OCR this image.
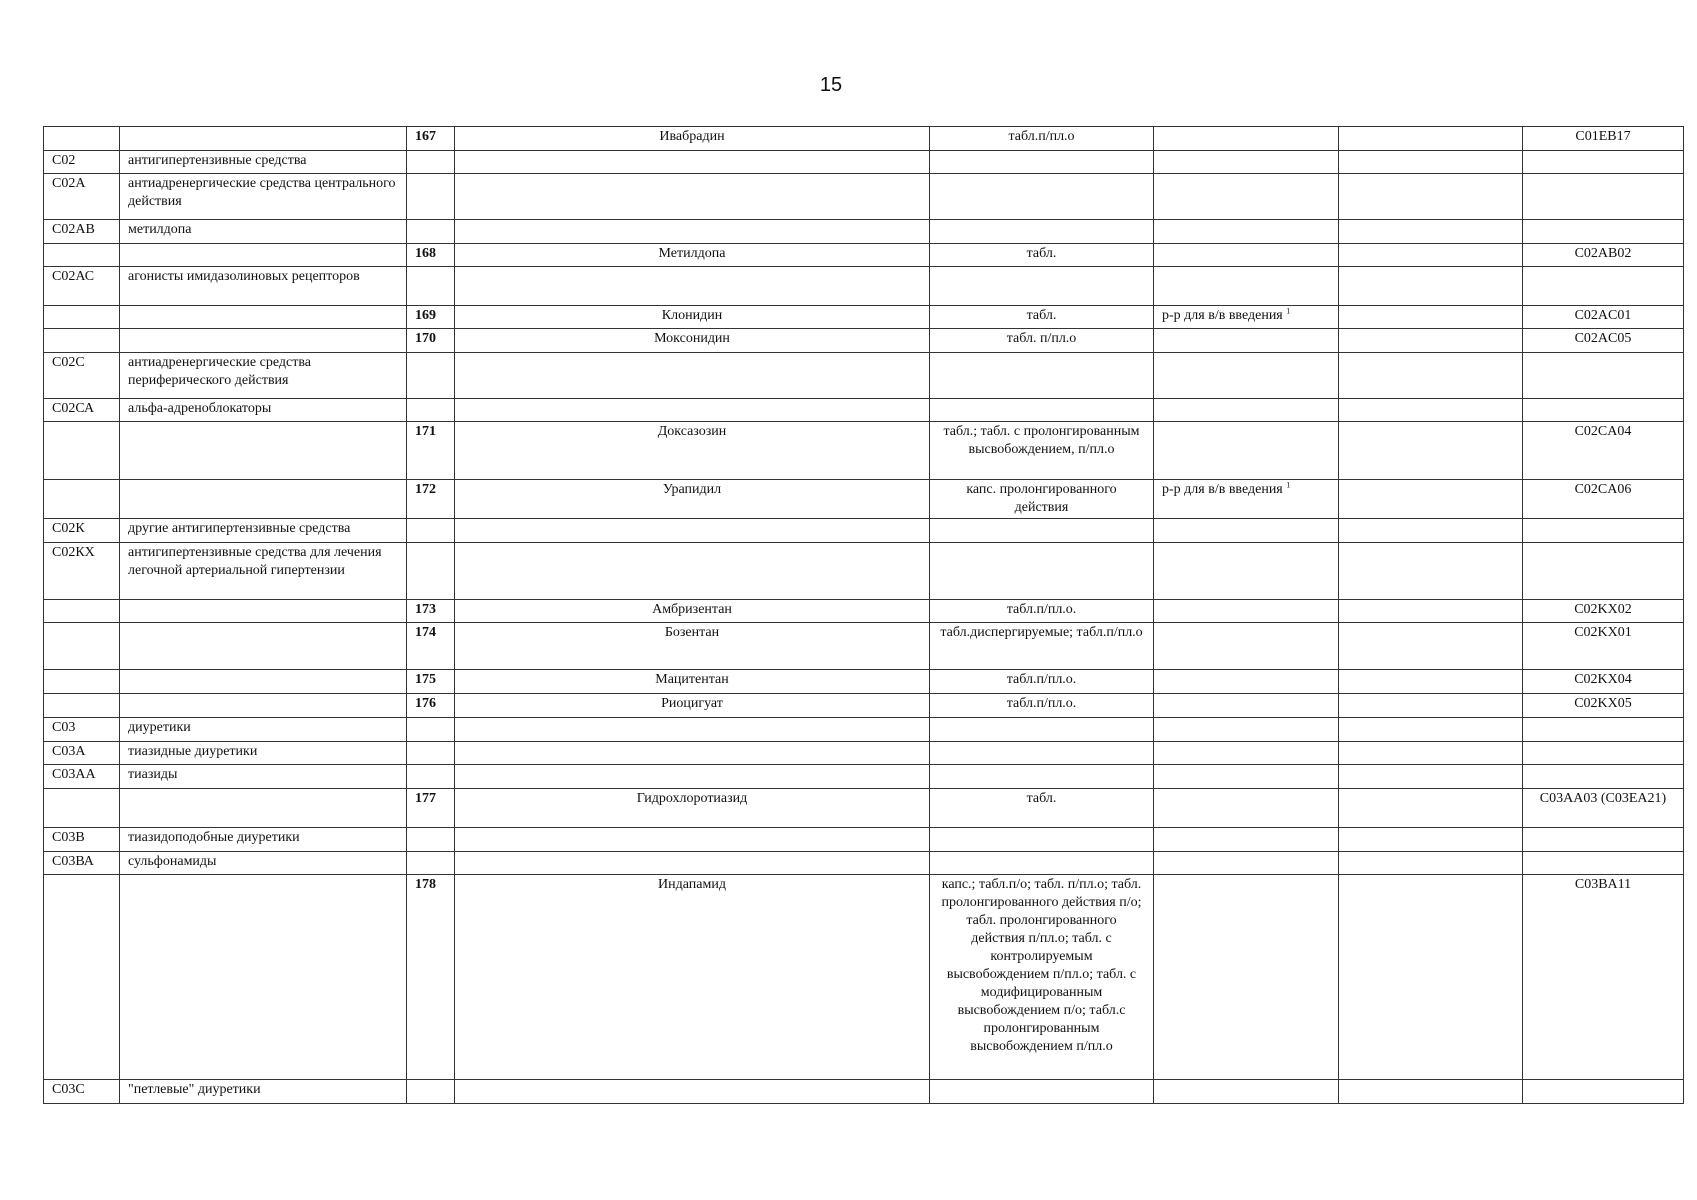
15
		167	Ивабрадин	табл.п/пл.о			C01EB17
С02	антигипертензивные средства						
С02А	антиадренергические средства центрального действия						
С02АВ	метилдопа						
		168	Метилдопа	табл.			C02AB02
С02АС	агонисты имидазолиновых рецепторов						
		169	Клонидин	табл.	р-р для в/в введения $^1$		C02AC01
		170	Моксонидин	табл. п/пл.о			C02AC05
С02С	антиадренергические средства периферического действия						
С02СА	альфа-адреноблокаторы						
		171	Доксазозин	табл.; табл. с пролонгированным высвобождением, п/пл.о			C02CA04
		172	Урапидил	капс. пролонгированного действия	р-р для в/в введения $^1$		C02CA06
С02К	другие антигипертензивные средства						
С02КХ	антигипертензивные средства для лечения легочной артериальной гипертензии						
		173	Амбризентан	табл.п/пл.о.			C02KX02
		174	Бозентан	табл.диспергируемые; табл.п/пл.о			C02KX01
		175	Мацитентан	табл.п/пл.о.			C02KX04
		176	Риоцигуат	табл.п/пл.о.			C02KX05
С03	диуретики						
С03А	тиазидные диуретики						
С03АА	тиазиды						
		177	Гидрохлоротиазид	табл.			C03AA03 (C03EA21)
С03В	тиазидоподобные диуретики						
С03ВА	сульфонамиды						
		178	Индапамид	капс.; табл.п/о; табл. п/пл.о; табл. пролонгированного действия п/о; табл. пролонгированного действия п/пл.о; табл. с контролируемым высвобождением п/пл.о; табл. с модифицированным высвобождением п/о; табл.с пролонгированным высвобождением п/пл.о			C03BA11
С03С	"петлевые" диуретики						
